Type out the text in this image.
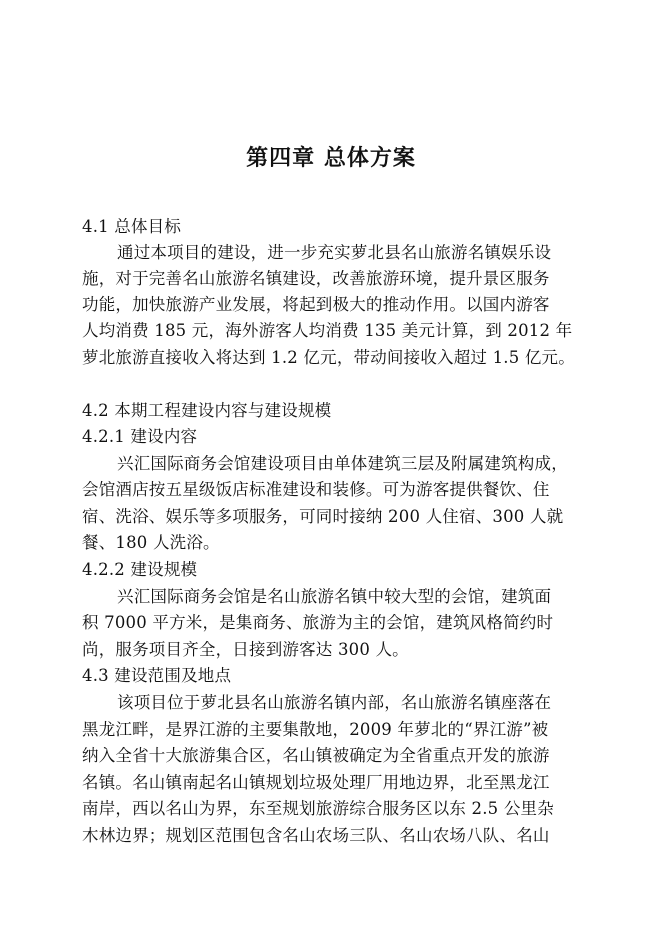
第四章 总体方案
4.1 总体目标
通过本项目的建设，进一步充实萝北县名山旅游名镇娱乐设
施，对于完善名山旅游名镇建设，改善旅游环境，提升景区服务
功能，加快旅游产业发展，将起到极大的推动作用。以国内游客
人均消费 185 元，海外游客人均消费 135 美元计算，到 2012 年
萝北旅游直接收入将达到 1.2 亿元，带动间接收入超过 1.5 亿元。
4.2 本期工程建设内容与建设规模
4.2.1 建设内容
兴汇国际商务会馆建设项目由单体建筑三层及附属建筑构成，
会馆酒店按五星级饭店标准建设和装修。可为游客提供餐饮、住
宿、洗浴、娱乐等多项服务，可同时接纳 200 人住宿、300 人就
餐、180 人洗浴。
4.2.2 建设规模
兴汇国际商务会馆是名山旅游名镇中较大型的会馆，建筑面
积 7000 平方米，是集商务、旅游为主的会馆，建筑风格简约时
尚，服务项目齐全，日接到游客达 300 人。
4.3 建设范围及地点
该项目位于萝北县名山旅游名镇内部，名山旅游名镇座落在
黑龙江畔，是界江游的主要集散地，2009 年萝北的“界江游”被
纳入全省十大旅游集合区，名山镇被确定为全省重点开发的旅游
名镇。名山镇南起名山镇规划垃圾处理厂用地边界，北至黑龙江
南岸，西以名山为界，东至规划旅游综合服务区以东 2.5 公里杂
木林边界；规划区范围包含名山农场三队、名山农场八队、名山
